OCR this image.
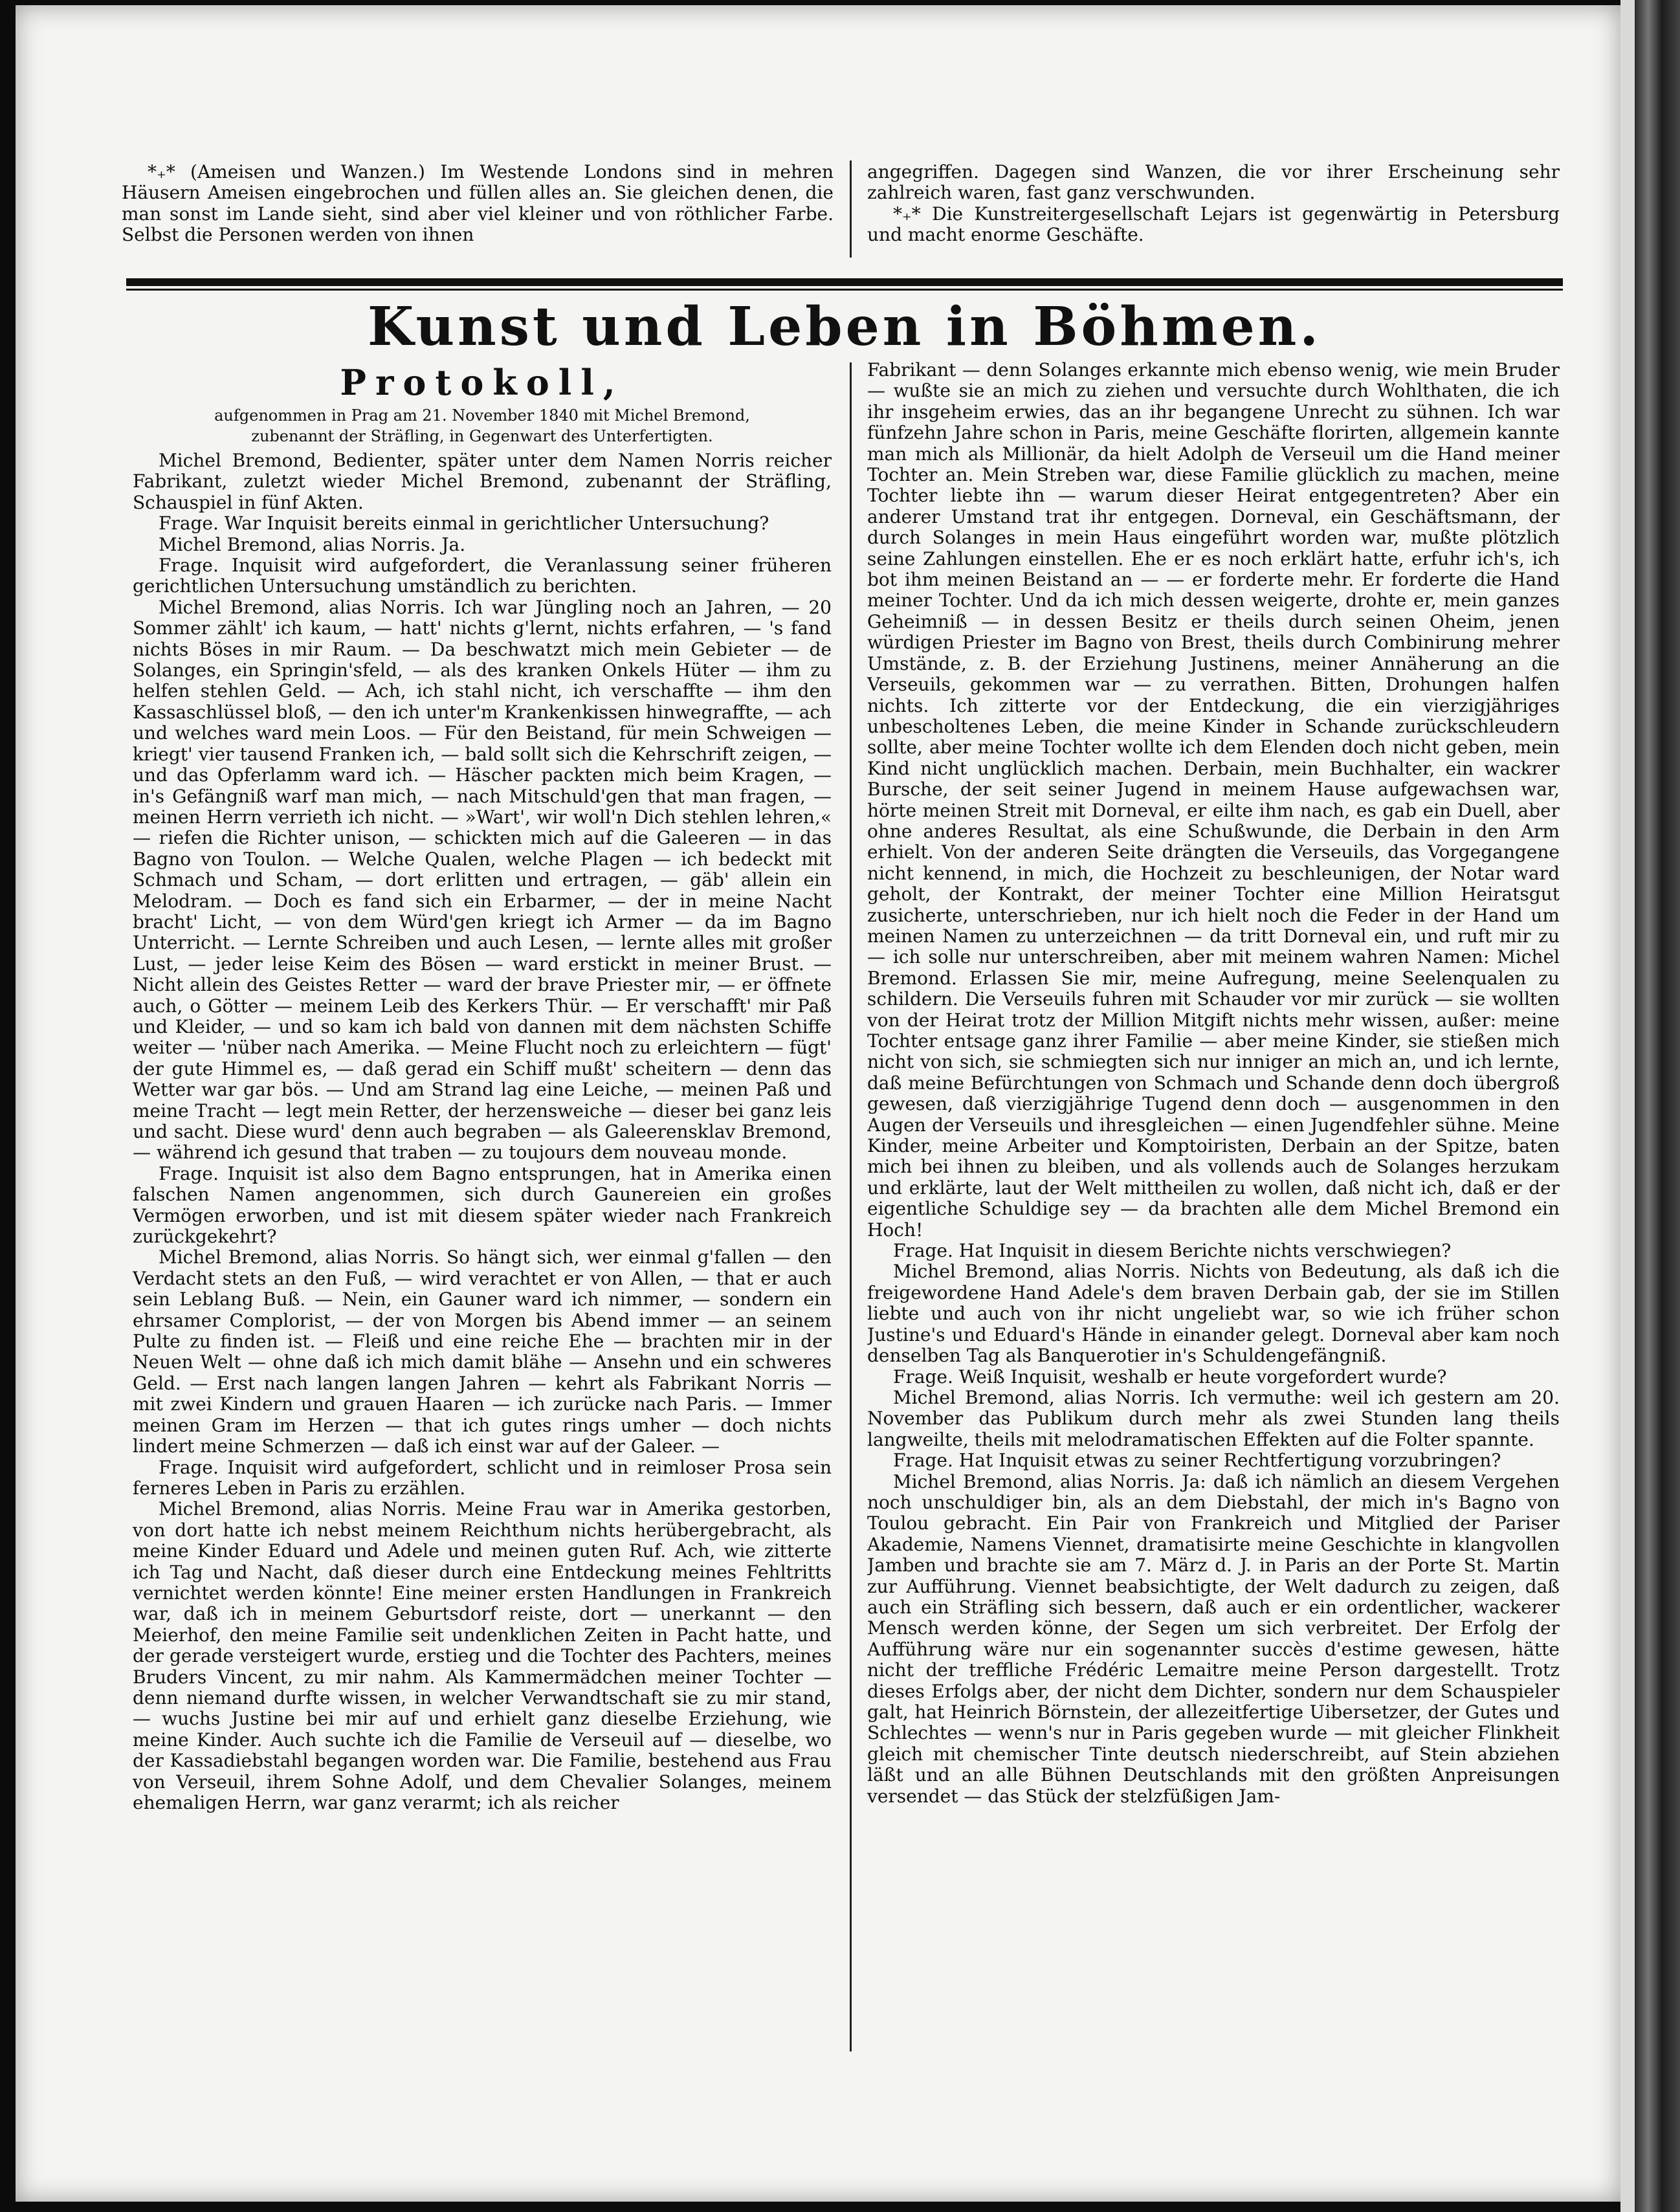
*₊* (Ameisen und Wanzen.) Im Westende Londons sind in mehren Häusern Ameisen eingebrochen und füllen alles an. Sie gleichen denen, die man sonst im Lande sieht, sind aber viel kleiner und von röthlicher Farbe. Selbst die Personen werden von ihnen

angegriffen. Dagegen sind Wanzen, die vor ihrer Erscheinung sehr zahlreich waren, fast ganz verschwunden.

*₊* Die Kunstreitergesellschaft Lejars ist gegenwärtig in Petersburg und macht enorme Geschäfte.

Kunst und Leben in Böhmen.

Protokoll,

aufgenommen in Prag am 21. November 1840 mit Michel Bremond,

zubenannt der Sträfling, in Gegenwart des Unterfertigten.

Michel Bremond, Bedienter, später unter dem Namen Norris reicher Fabrikant, zuletzt wieder Michel Bremond, zubenannt der Sträfling, Schauspiel in fünf Akten.

Frage. War Inquisit bereits einmal in gerichtlicher Untersuchung?

Michel Bremond, alias Norris. Ja.

Frage. Inquisit wird aufgefordert, die Veranlassung seiner früheren gerichtlichen Untersuchung umständlich zu berichten.

Michel Bremond, alias Norris. Ich war Jüngling noch an Jahren, — 20 Sommer zählt' ich kaum, — hatt' nichts g'lernt, nichts erfahren, — 's fand nichts Böses in mir Raum. — Da beschwatzt mich mein Gebieter — de Solanges, ein Springin'sfeld, — als des kranken Onkels Hüter — ihm zu helfen stehlen Geld. — Ach, ich stahl nicht, ich verschaffte — ihm den Kassaschlüssel bloß, — den ich unter'm Krankenkissen hinwegraffte, — ach und welches ward mein Loos. — Für den Beistand, für mein Schweigen — kriegt' vier tausend Franken ich, — bald sollt sich die Kehrschrift zeigen, — und das Opferlamm ward ich. — Häscher packten mich beim Kragen, — in's Gefängniß warf man mich, — nach Mitschuld'gen that man fragen, — meinen Herrn verrieth ich nicht. — »Wart', wir woll'n Dich stehlen lehren,« — riefen die Richter unison, — schickten mich auf die Galeeren — in das Bagno von Toulon. — Welche Qualen, welche Plagen — ich bedeckt mit Schmach und Scham, — dort erlitten und ertragen, — gäb' allein ein Melodram. — Doch es fand sich ein Erbarmer, — der in meine Nacht bracht' Licht, — von dem Würd'gen kriegt ich Armer — da im Bagno Unterricht. — Lernte Schreiben und auch Lesen, — lernte alles mit großer Lust, — jeder leise Keim des Bösen — ward erstickt in meiner Brust. — Nicht allein des Geistes Retter — ward der brave Priester mir, — er öffnete auch, o Götter — meinem Leib des Kerkers Thür. — Er verschafft' mir Paß und Kleider, — und so kam ich bald von dannen mit dem nächsten Schiffe weiter — 'nüber nach Amerika. — Meine Flucht noch zu erleichtern — fügt' der gute Himmel es, — daß gerad ein Schiff mußt' scheitern — denn das Wetter war gar bös. — Und am Strand lag eine Leiche, — meinen Paß und meine Tracht — legt mein Retter, der herzensweiche — dieser bei ganz leis und sacht. Diese wurd' denn auch begraben — als Galeerensklav Bremond, — während ich gesund that traben — zu toujours dem nouveau monde.

Frage. Inquisit ist also dem Bagno entsprungen, hat in Amerika einen falschen Namen angenommen, sich durch Gaunereien ein großes Vermögen erworben, und ist mit diesem später wieder nach Frankreich zurückgekehrt?

Michel Bremond, alias Norris. So hängt sich, wer einmal g'fallen — den Verdacht stets an den Fuß, — wird verachtet er von Allen, — that er auch sein Leblang Buß. — Nein, ein Gauner ward ich nimmer, — sondern ein ehrsamer Complorist, — der von Morgen bis Abend immer — an seinem Pulte zu finden ist. — Fleiß und eine reiche Ehe — brachten mir in der Neuen Welt — ohne daß ich mich damit blähe — Ansehn und ein schweres Geld. — Erst nach langen langen Jahren — kehrt als Fabrikant Norris — mit zwei Kindern und grauen Haaren — ich zurücke nach Paris. — Immer meinen Gram im Herzen — that ich gutes rings umher — doch nichts lindert meine Schmerzen — daß ich einst war auf der Galeer. —

Frage. Inquisit wird aufgefordert, schlicht und in reimloser Prosa sein ferneres Leben in Paris zu erzählen.

Michel Bremond, alias Norris. Meine Frau war in Amerika gestorben, von dort hatte ich nebst meinem Reichthum nichts herübergebracht, als meine Kinder Eduard und Adele und meinen guten Ruf. Ach, wie zitterte ich Tag und Nacht, daß dieser durch eine Entdeckung meines Fehltritts vernichtet werden könnte! Eine meiner ersten Handlungen in Frankreich war, daß ich in meinem Geburtsdorf reiste, dort — unerkannt — den Meierhof, den meine Familie seit undenklichen Zeiten in Pacht hatte, und der gerade versteigert wurde, erstieg und die Tochter des Pachters, meines Bruders Vincent, zu mir nahm. Als Kammermädchen meiner Tochter — denn niemand durfte wissen, in welcher Verwandtschaft sie zu mir stand, — wuchs Justine bei mir auf und erhielt ganz dieselbe Erziehung, wie meine Kinder. Auch suchte ich die Familie de Verseuil auf — dieselbe, wo der Kassadiebstahl begangen worden war. Die Familie, bestehend aus Frau von Verseuil, ihrem Sohne Adolf, und dem Chevalier Solanges, meinem ehemaligen Herrn, war ganz verarmt; ich als reicher

Fabrikant — denn Solanges erkannte mich ebenso wenig, wie mein Bruder — wußte sie an mich zu ziehen und versuchte durch Wohlthaten, die ich ihr insgeheim erwies, das an ihr begangene Unrecht zu sühnen. Ich war fünfzehn Jahre schon in Paris, meine Geschäfte florirten, allgemein kannte man mich als Millionär, da hielt Adolph de Verseuil um die Hand meiner Tochter an. Mein Streben war, diese Familie glücklich zu machen, meine Tochter liebte ihn — warum dieser Heirat entgegentreten? Aber ein anderer Umstand trat ihr entgegen. Dorneval, ein Geschäftsmann, der durch Solanges in mein Haus eingeführt worden war, mußte plötzlich seine Zahlungen einstellen. Ehe er es noch erklärt hatte, erfuhr ich's, ich bot ihm meinen Beistand an — — er forderte mehr. Er forderte die Hand meiner Tochter. Und da ich mich dessen weigerte, drohte er, mein ganzes Geheimniß — in dessen Besitz er theils durch seinen Oheim, jenen würdigen Priester im Bagno von Brest, theils durch Combinirung mehrer Umstände, z. B. der Erziehung Justinens, meiner Annäherung an die Verseuils, gekommen war — zu verrathen. Bitten, Drohungen halfen nichts. Ich zitterte vor der Entdeckung, die ein vierzigjähriges unbescholtenes Leben, die meine Kinder in Schande zurückschleudern sollte, aber meine Tochter wollte ich dem Elenden doch nicht geben, mein Kind nicht unglücklich machen. Derbain, mein Buchhalter, ein wackrer Bursche, der seit seiner Jugend in meinem Hause aufgewachsen war, hörte meinen Streit mit Dorneval, er eilte ihm nach, es gab ein Duell, aber ohne anderes Resultat, als eine Schußwunde, die Derbain in den Arm erhielt. Von der anderen Seite drängten die Verseuils, das Vorgegangene nicht kennend, in mich, die Hochzeit zu beschleunigen, der Notar ward geholt, der Kontrakt, der meiner Tochter eine Million Heiratsgut zusicherte, unterschrieben, nur ich hielt noch die Feder in der Hand um meinen Namen zu unterzeichnen — da tritt Dorneval ein, und ruft mir zu — ich solle nur unterschreiben, aber mit meinem wahren Namen: Michel Bremond. Erlassen Sie mir, meine Aufregung, meine Seelenqualen zu schildern. Die Verseuils fuhren mit Schauder vor mir zurück — sie wollten von der Heirat trotz der Million Mitgift nichts mehr wissen, außer: meine Tochter entsage ganz ihrer Familie — aber meine Kinder, sie stießen mich nicht von sich, sie schmiegten sich nur inniger an mich an, und ich lernte, daß meine Befürchtungen von Schmach und Schande denn doch übergroß gewesen, daß vierzigjährige Tugend denn doch — ausgenommen in den Augen der Verseuils und ihresgleichen — einen Jugendfehler sühne. Meine Kinder, meine Arbeiter und Komptoiristen, Derbain an der Spitze, baten mich bei ihnen zu bleiben, und als vollends auch de Solanges herzukam und erklärte, laut der Welt mittheilen zu wollen, daß nicht ich, daß er der eigentliche Schuldige sey — da brachten alle dem Michel Bremond ein Hoch!

Frage. Hat Inquisit in diesem Berichte nichts verschwiegen?

Michel Bremond, alias Norris. Nichts von Bedeutung, als daß ich die freigewordene Hand Adele's dem braven Derbain gab, der sie im Stillen liebte und auch von ihr nicht ungeliebt war, so wie ich früher schon Justine's und Eduard's Hände in einander gelegt. Dorneval aber kam noch denselben Tag als Banquerotier in's Schuldengefängniß.

Frage. Weiß Inquisit, weshalb er heute vorgefordert wurde?

Michel Bremond, alias Norris. Ich vermuthe: weil ich gestern am 20. November das Publikum durch mehr als zwei Stunden lang theils langweilte, theils mit melodramatischen Effekten auf die Folter spannte.

Frage. Hat Inquisit etwas zu seiner Rechtfertigung vorzubringen?

Michel Bremond, alias Norris. Ja: daß ich nämlich an diesem Vergehen noch unschuldiger bin, als an dem Diebstahl, der mich in's Bagno von Toulou gebracht. Ein Pair von Frankreich und Mitglied der Pariser Akademie, Namens Viennet, dramatisirte meine Geschichte in klangvollen Jamben und brachte sie am 7. März d. J. in Paris an der Porte St. Martin zur Aufführung. Viennet beabsichtigte, der Welt dadurch zu zeigen, daß auch ein Sträfling sich bessern, daß auch er ein ordentlicher, wackerer Mensch werden könne, der Segen um sich verbreitet. Der Erfolg der Aufführung wäre nur ein sogenannter succès d'estime gewesen, hätte nicht der treffliche Frédéric Lemaitre meine Person dargestellt. Trotz dieses Erfolgs aber, der nicht dem Dichter, sondern nur dem Schauspieler galt, hat Heinrich Börnstein, der allezeitfertige Uibersetzer, der Gutes und Schlechtes — wenn's nur in Paris gegeben wurde — mit gleicher Flinkheit gleich mit chemischer Tinte deutsch niederschreibt, auf Stein abziehen läßt und an alle Bühnen Deutschlands mit den größten Anpreisungen versendet — das Stück der stelzfüßigen Jam-
